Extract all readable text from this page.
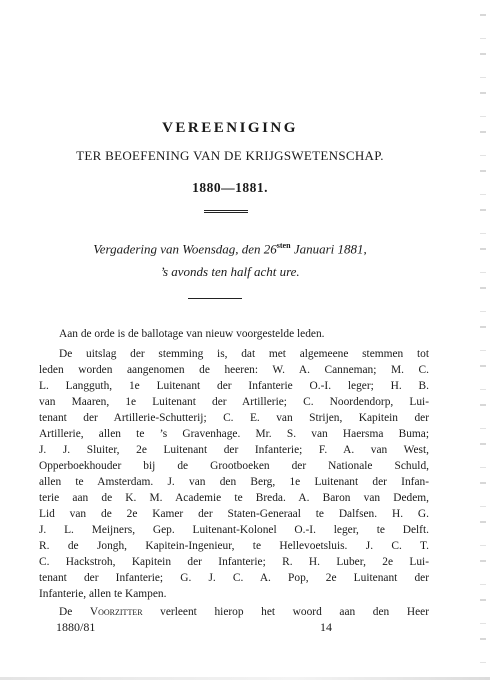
VEREENIGING
TER BEOEFENING VAN DE KRIJGSWETENSCHAP.
1880—1881.
Vergadering van Woensdag, den $26^{sten}$ Januari 1881,
’s avonds ten half acht ure.
Aan de orde is de ballotage van nieuw voorgestelde leden.
De uitslag der stemming is, dat met algemeene stemmen tot
leden worden aangenomen de heeren: W. A. Canneman; M. C.
L. Langguth, 1e Luitenant der Infanterie O.-I. leger; H. B.
van Maaren, 1e Luitenant der Artillerie; C. Noordendorp, Lui-
tenant der Artillerie-Schutterij; C. E. van Strijen, Kapitein der
Artillerie, allen te ’s Gravenhage. Mr. S. van Haersma Buma;
J. J. Sluiter, 2e Luitenant der Infanterie; F. A. van West,
Opperboekhouder bij de Grootboeken der Nationale Schuld,
allen te Amsterdam. J. van den Berg, 1e Luitenant der Infan-
terie aan de K. M. Academie te Breda. A. Baron van Dedem,
Lid van de 2e Kamer der Staten-Generaal te Dalfsen. H. G.
J. L. Meijners, Gep. Luitenant-Kolonel O.-I. leger, te Delft.
R. de Jongh, Kapitein-Ingenieur, te Hellevoetsluis. J. C. T.
C. Hackstroh, Kapitein der Infanterie; R. H. Luber, 2e Lui-
tenant der Infanterie; G. J. C. A. Pop, 2e Luitenant der
Infanterie, allen te Kampen.
De Voorzitter verleent hierop het woord aan den Heer
1880/81	14
